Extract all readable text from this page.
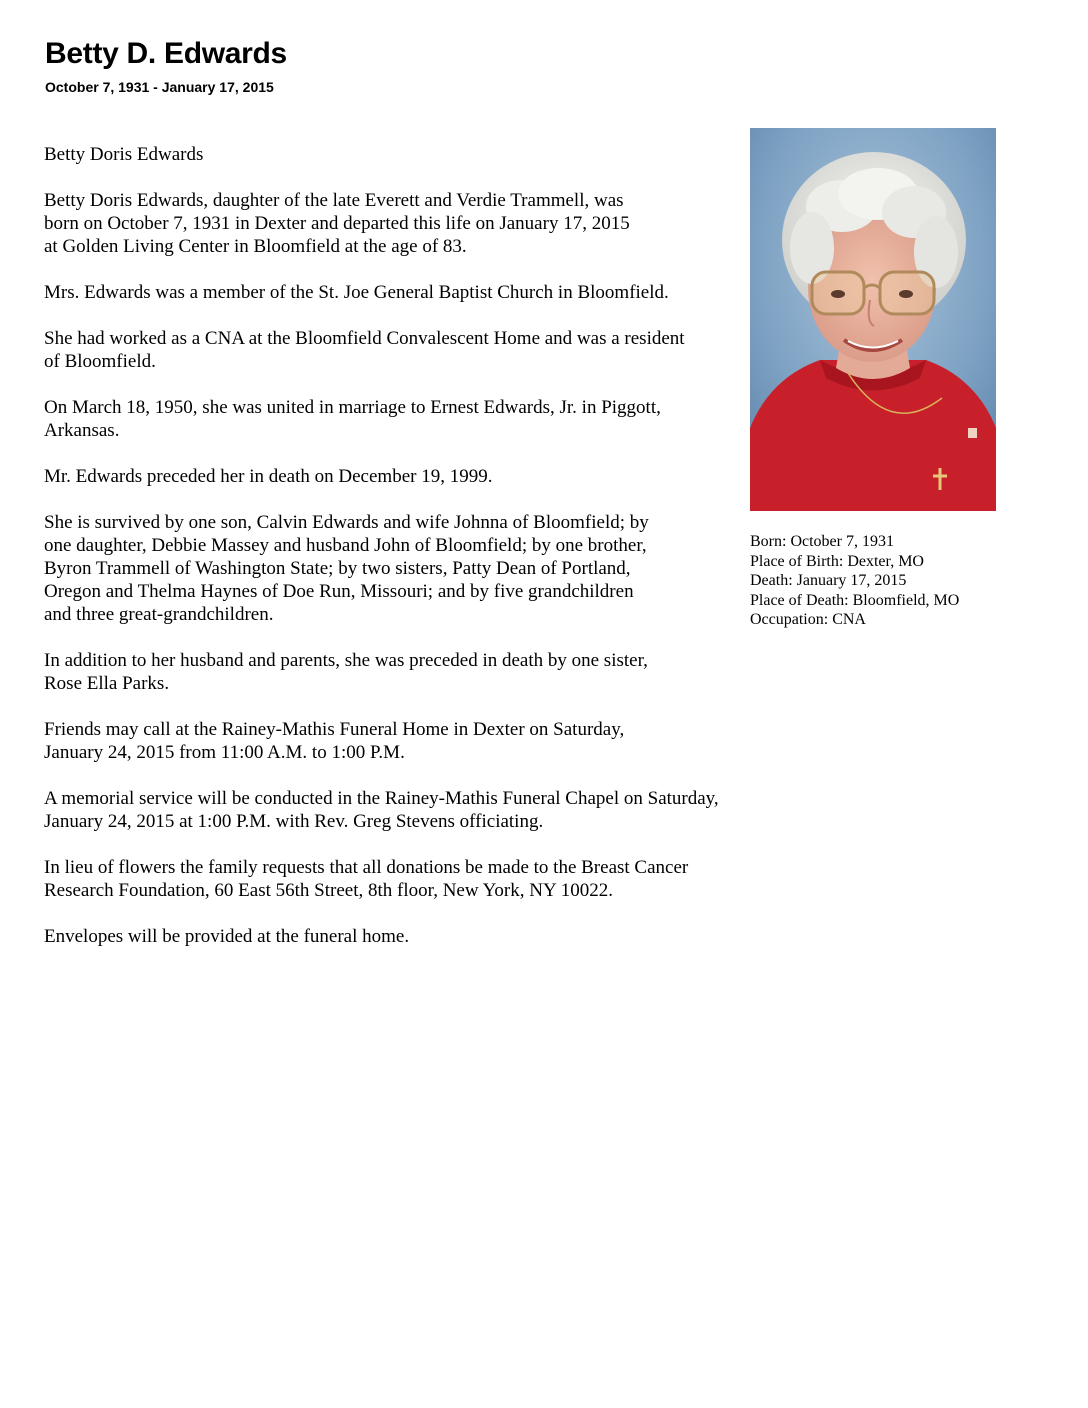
Betty D. Edwards
October 7, 1931 - January 17, 2015

Betty Doris Edwards

Betty Doris Edwards, daughter of the late Everett and Verdie Trammell, was
born on October 7, 1931 in Dexter and departed this life on January 17, 2015
at Golden Living Center in Bloomfield at the age of 83.

Mrs. Edwards was a member of the St. Joe General Baptist Church in Bloomfield.

She had worked as a CNA at the Bloomfield Convalescent Home and was a resident
of Bloomfield.

On March 18, 1950, she was united in marriage to Ernest Edwards, Jr. in Piggott,
Arkansas.

Mr. Edwards preceded her in death on December 19, 1999.

She is survived by one son, Calvin Edwards and wife Johnna of Bloomfield; by
one daughter, Debbie Massey and husband John of Bloomfield; by one brother,
Byron Trammell of Washington State; by two sisters, Patty Dean of Portland,
Oregon and Thelma Haynes of Doe Run, Missouri; and by five grandchildren
and three great-grandchildren.

In addition to her husband and parents, she was preceded in death by one sister,
Rose Ella Parks.

Friends may call at the Rainey-Mathis Funeral Home in Dexter on Saturday,
January 24, 2015 from 11:00 A.M. to 1:00 P.M.

A memorial service will be conducted in the Rainey-Mathis Funeral Chapel on Saturday,
January 24, 2015 at 1:00 P.M. with Rev. Greg Stevens officiating.

In lieu of flowers the family requests that all donations be made to the Breast Cancer
Research Foundation, 60 East 56th Street, 8th floor, New York, NY 10022.

Envelopes will be provided at the funeral home.

Born: October 7, 1931
Place of Birth: Dexter, MO
Death: January 17, 2015
Place of Death: Bloomfield, MO
Occupation: CNA
